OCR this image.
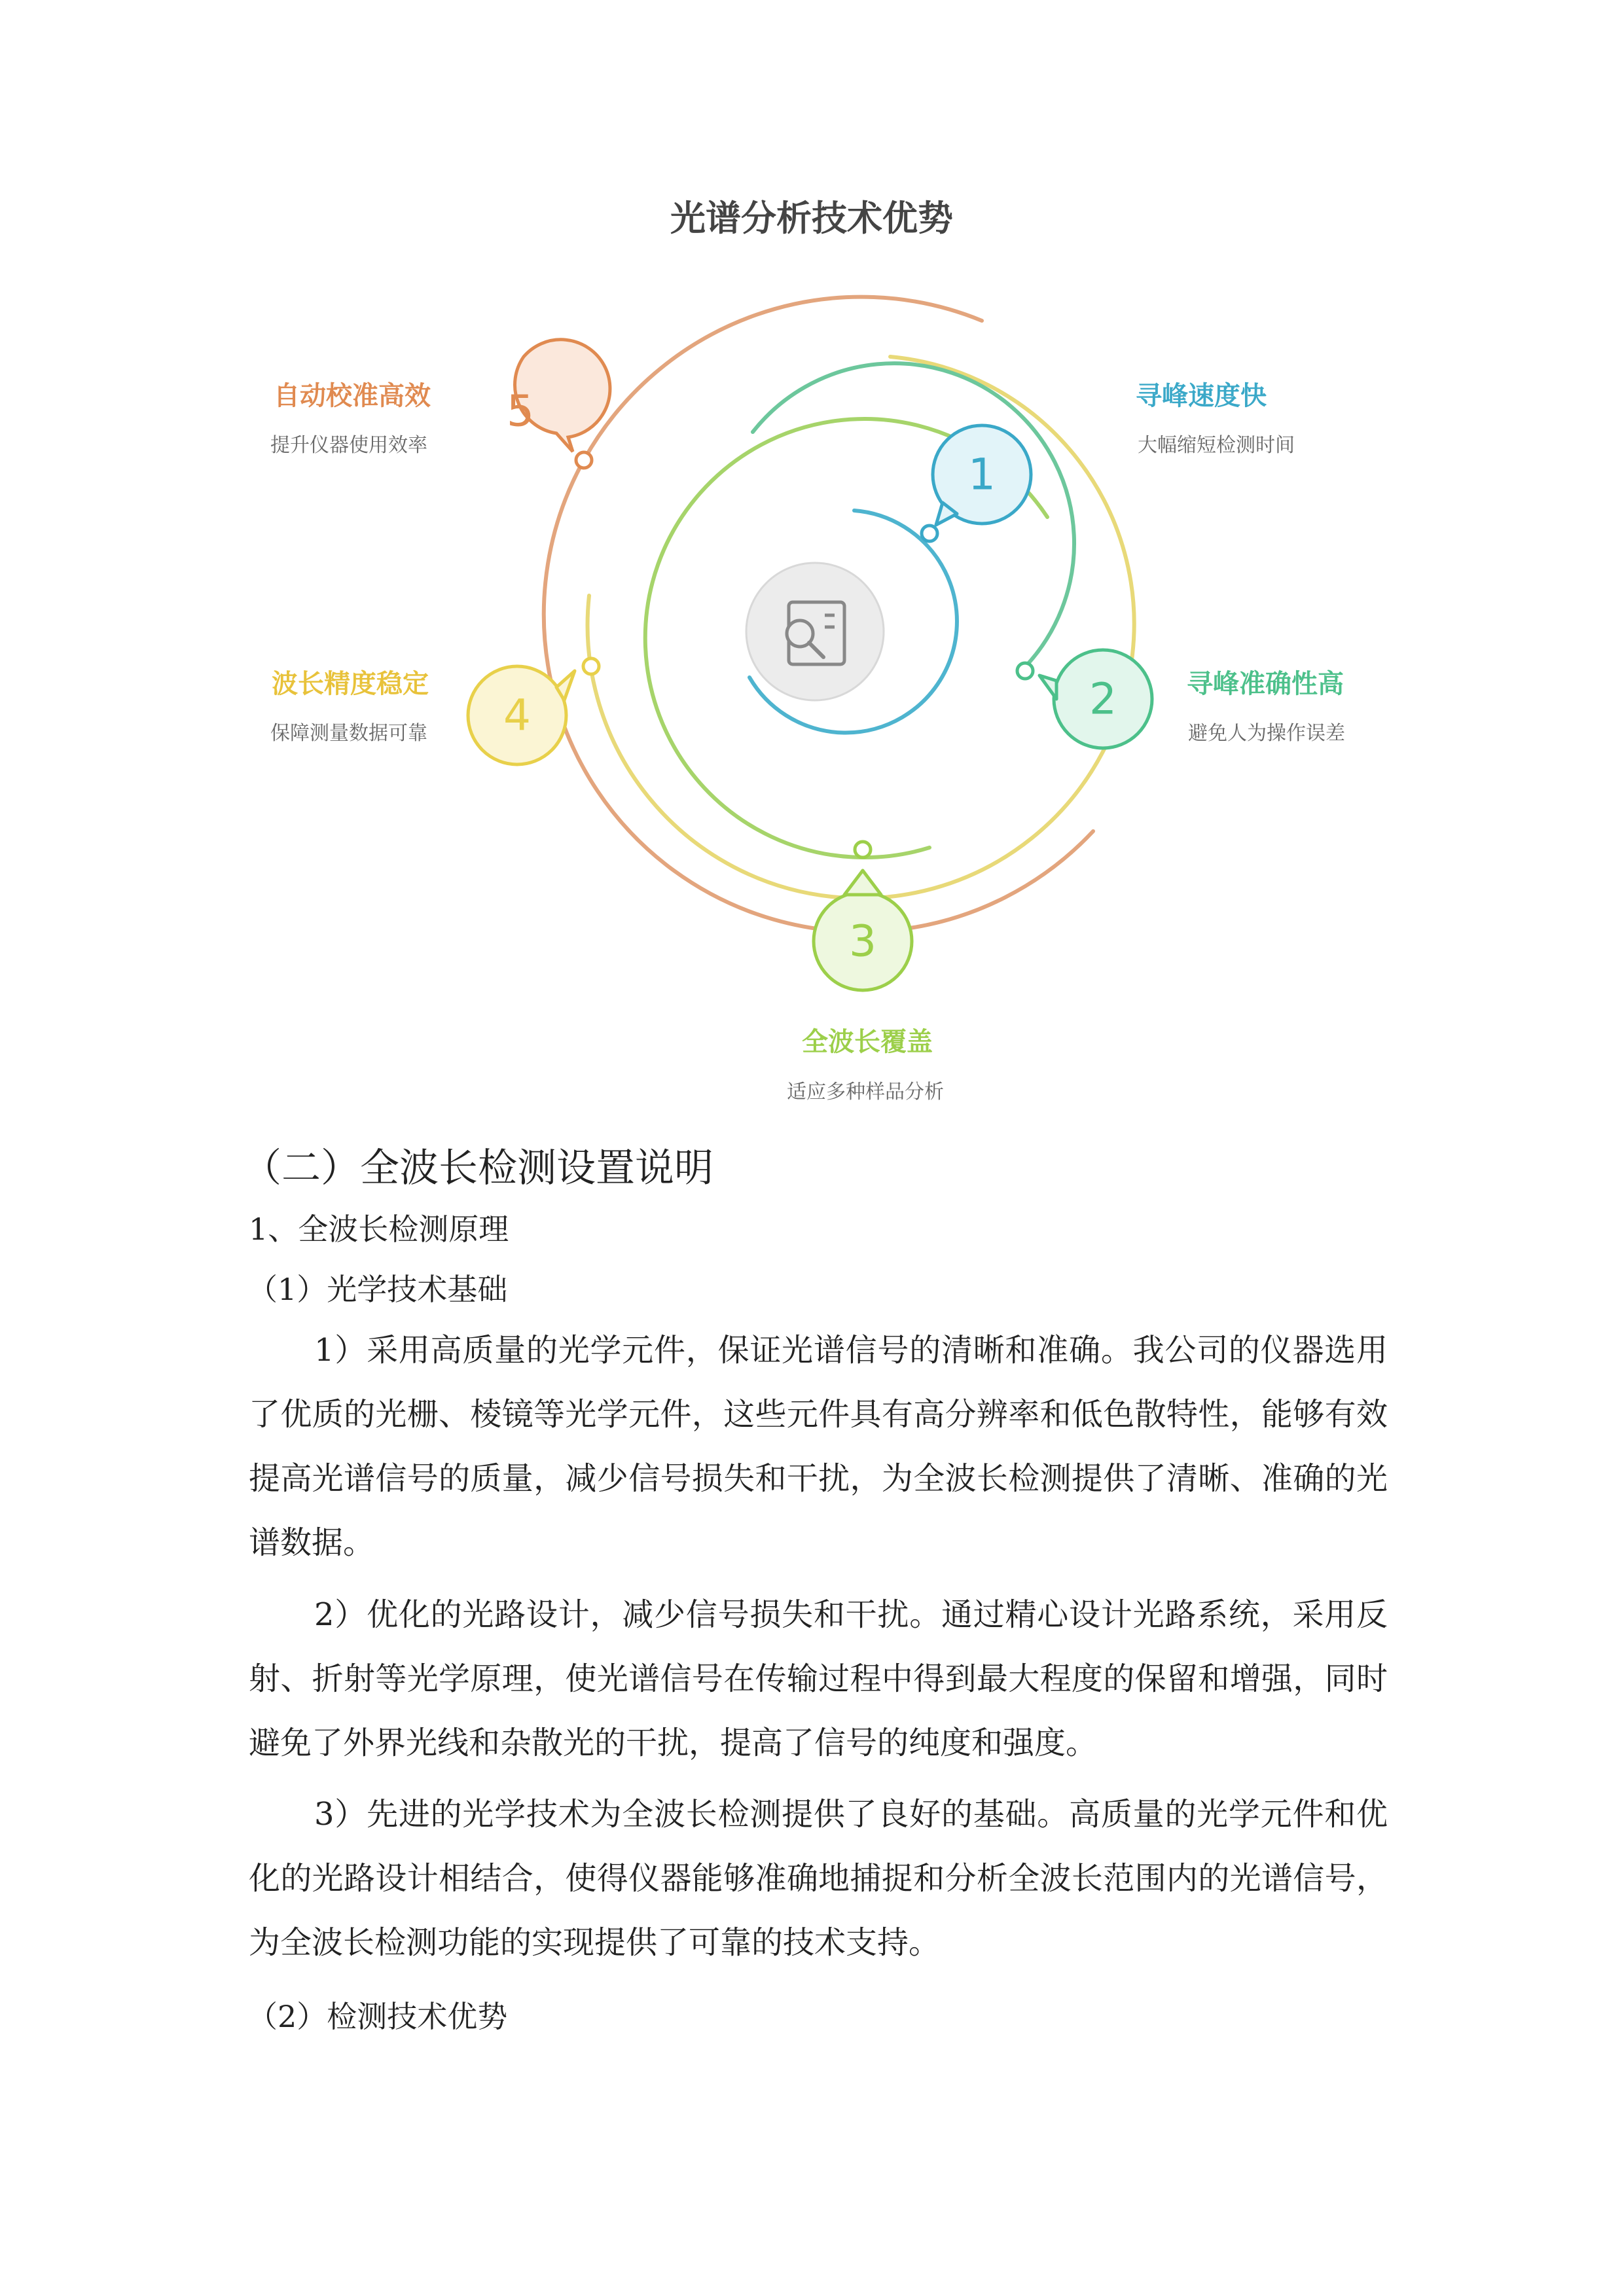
光谱分析技术优势
5
1
2
3
4
寻峰速度快
大幅缩短检测时间
寻峰准确性高
避免人为操作误差
全波长覆盖
适应多种样品分析
波长精度稳定
保障测量数据可靠
自动校准高效
提升仪器使用效率
（二）全波长检测设置说明
1、全波长检测原理
（1）光学技术基础
1）采用高质量的光学元件，保证光谱信号的清晰和准确。我公司的仪器选用了优质的光栅、棱镜等光学元件，这些元件具有高分辨率和低色散特性，能够有效提高光谱信号的质量，减少信号损失和干扰，为全波长检测提供了清晰、准确的光谱数据。
2）优化的光路设计，减少信号损失和干扰。通过精心设计光路系统，采用反射、折射等光学原理，使光谱信号在传输过程中得到最大程度的保留和增强，同时避免了外界光线和杂散光的干扰，提高了信号的纯度和强度。
3）先进的光学技术为全波长检测提供了良好的基础。高质量的光学元件和优化的光路设计相结合，使得仪器能够准确地捕捉和分析全波长范围内的光谱信号，为全波长检测功能的实现提供了可靠的技术支持。
（2）检测技术优势
